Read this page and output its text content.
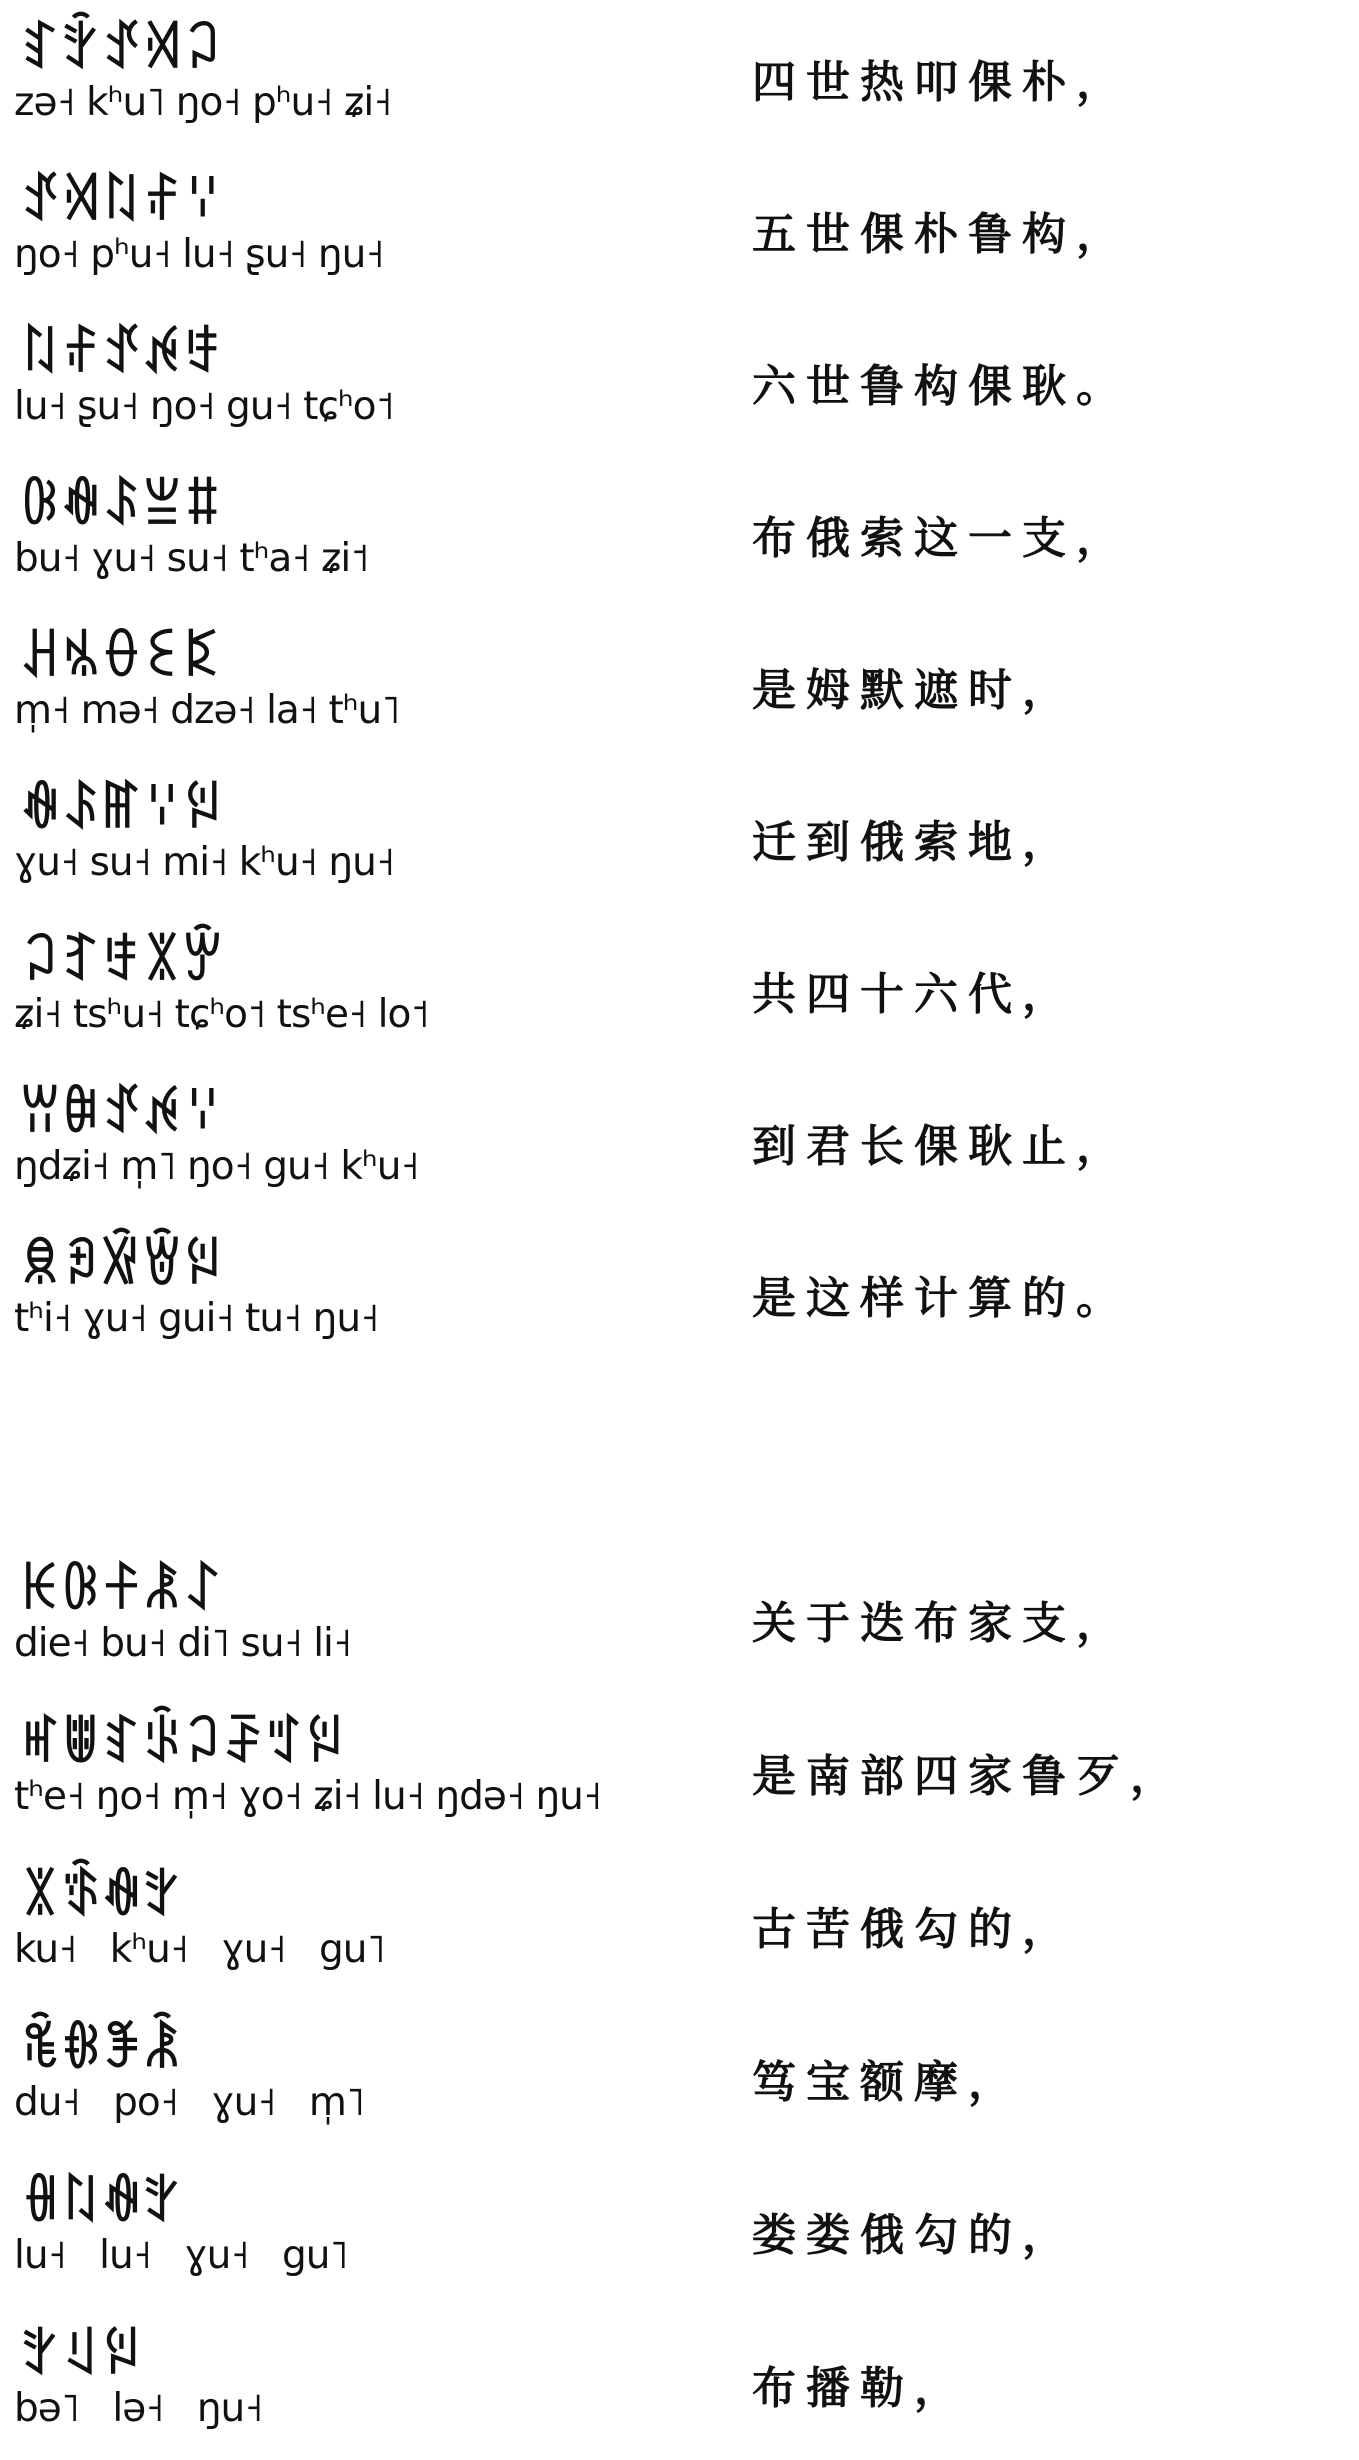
ꆏꇫꀋꄉꃀ
zə˧ kʰu˥ ŋo˧ pʰu˧ ʑi˧	四世热叩倮朴，
ꀋꄉꇁꄙꈌ
ŋo˧ pʰu˧ lu˧ ʂu˧ ŋu˧	五世倮朴鲁构，
ꇁꄙꀋꉌꄜ
lu˧ ʂu˧ ŋo˧ gu˧ tɕʰo˦	六世鲁构倮耿。
ꀝꊿꌺꁈꐚ
bu˧ ɣu˧ su˧ tʰa˧ ʑi˦	布俄索这一支，
ꃅꁱꂷꏂꌅ
m̩˧ mə˧ dzə˧ la˧ tʰu˥	是姆默遮时，
ꊿꌺꂵꈌꇌ
ɣu˧ su˧ mi˧ kʰu˧ ŋu˧	迁到俄索地，
ꃀꆈꄜꇓꏭ
ʑi˧ tsʰu˧ tɕʰo˦ tsʰe˧ lo˦	共四十六代，
ꀕꆊꀋꉌꈌ
ŋdʑi˧ m̩˥ ŋo˧ gu˧ kʰu˧	到君长倮耿止，
ꌋꎙꑞꇏꇌ
tʰi˧ ɣu˧ gui˧ tu˧ ŋu˧	是这样计算的。
ꀘꀝꊰꂿꋍ
die˧ bu˧ di˥ su˧ li˧	关于迭布家支，
ꎭꍔꆏꂩꃀꄚꆑꇌ
tʰe˧ ŋo˧ m̩˧ ɣo˧ ʑi˧ lu˧ ŋdə˧ ŋu˧	是南部四家鲁歹，
ꇓꈃꊿꇬ
ku˧ kʰu˧ ɣu˧ gu˥	古苦俄勾的，
ꄕꁆꊈꂾ
du˧ po˧ ɣu˧ m̩˥	笃宝额摩，
ꋀꇁꊿꇬ
lu˧ lu˧ ɣu˧ gu˥	娄娄俄勾的，
ꇬꆹꇌ
bə˥ lə˧ ŋu˧	布播勒，
